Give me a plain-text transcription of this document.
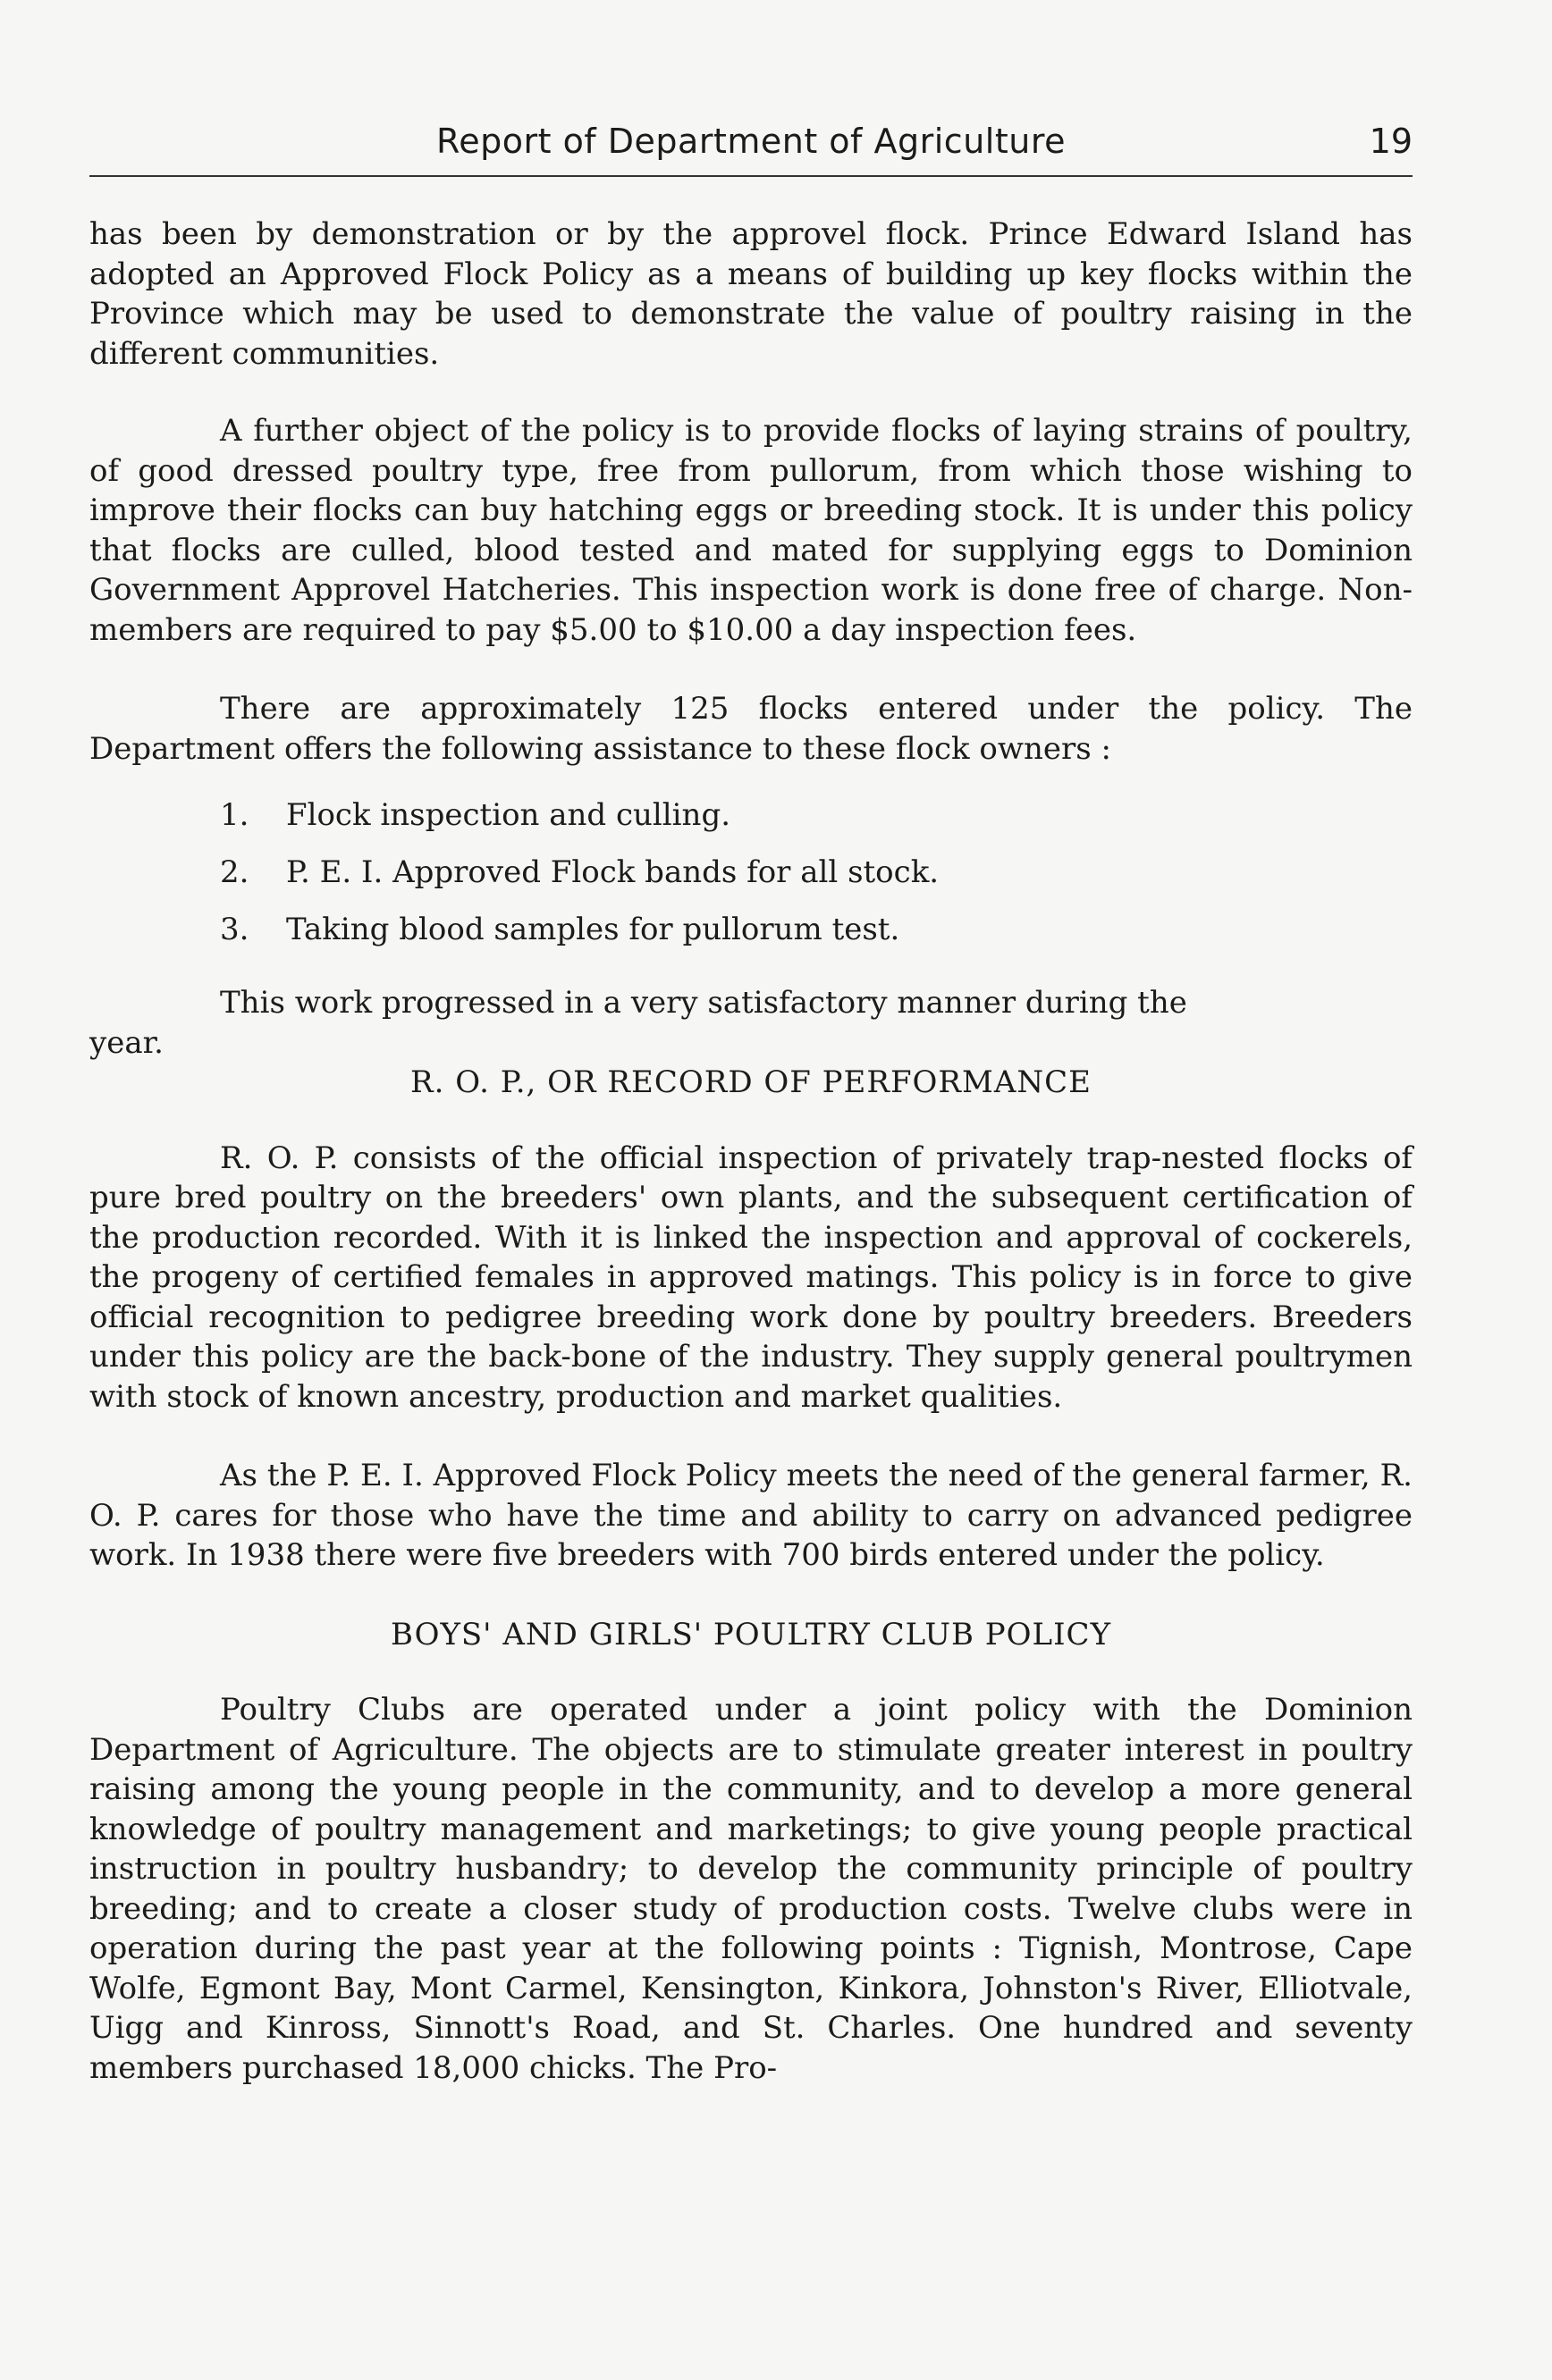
Report of Department of Agriculture	19

has been by demonstration or by the approvel flock. Prince Edward Island has adopted an Approved Flock Policy as a means of building up key flocks within the Province which may be used to demonstrate the value of poultry raising in the different communities.

A further object of the policy is to provide flocks of laying strains of poultry, of good dressed poultry type, free from pullorum, from which those wishing to improve their flocks can buy hatching eggs or breeding stock. It is under this policy that flocks are culled, blood tested and mated for supplying eggs to Dominion Government Approvel Hatcheries. This inspection work is done free of charge. Non-members are required to pay $5.00 to $10.00 a day inspection fees.

There are approximately 125 flocks entered under the policy. The Department offers the following assistance to these flock owners :

1.	Flock inspection and culling.
2.	P. E. I. Approved Flock bands for all stock.
3.	Taking blood samples for pullorum test.

This work progressed in a very satisfactory manner during the

year.

R. O. P., OR RECORD OF PERFORMANCE

R. O. P. consists of the official inspection of privately trap-nested flocks of pure bred poultry on the breeders' own plants, and the subsequent certification of the production recorded. With it is linked the inspection and approval of cockerels, the progeny of certified females in approved matings. This policy is in force to give official recognition to pedigree breeding work done by poultry breeders. Breeders under this policy are the back-bone of the industry. They supply general poultrymen with stock of known ancestry, production and market qualities.

As the P. E. I. Approved Flock Policy meets the need of the general farmer, R. O. P. cares for those who have the time and ability to carry on advanced pedigree work. In 1938 there were five breeders with 700 birds entered under the policy.

BOYS' AND GIRLS' POULTRY CLUB POLICY

Poultry Clubs are operated under a joint policy with the Dominion Department of Agriculture. The objects are to stimulate greater interest in poultry raising among the young people in the community, and to develop a more general knowledge of poultry management and marketings; to give young people practical instruction in poultry husbandry; to develop the community principle of poultry breeding; and to create a closer study of production costs. Twelve clubs were in operation during the past year at the following points : Tignish, Montrose, Cape Wolfe, Egmont Bay, Mont Carmel, Kensington, Kinkora, Johnston's River, Elliotvale, Uigg and Kinross, Sinnott's Road, and St. Charles. One hundred and seventy members purchased 18,000 chicks. The Pro-
